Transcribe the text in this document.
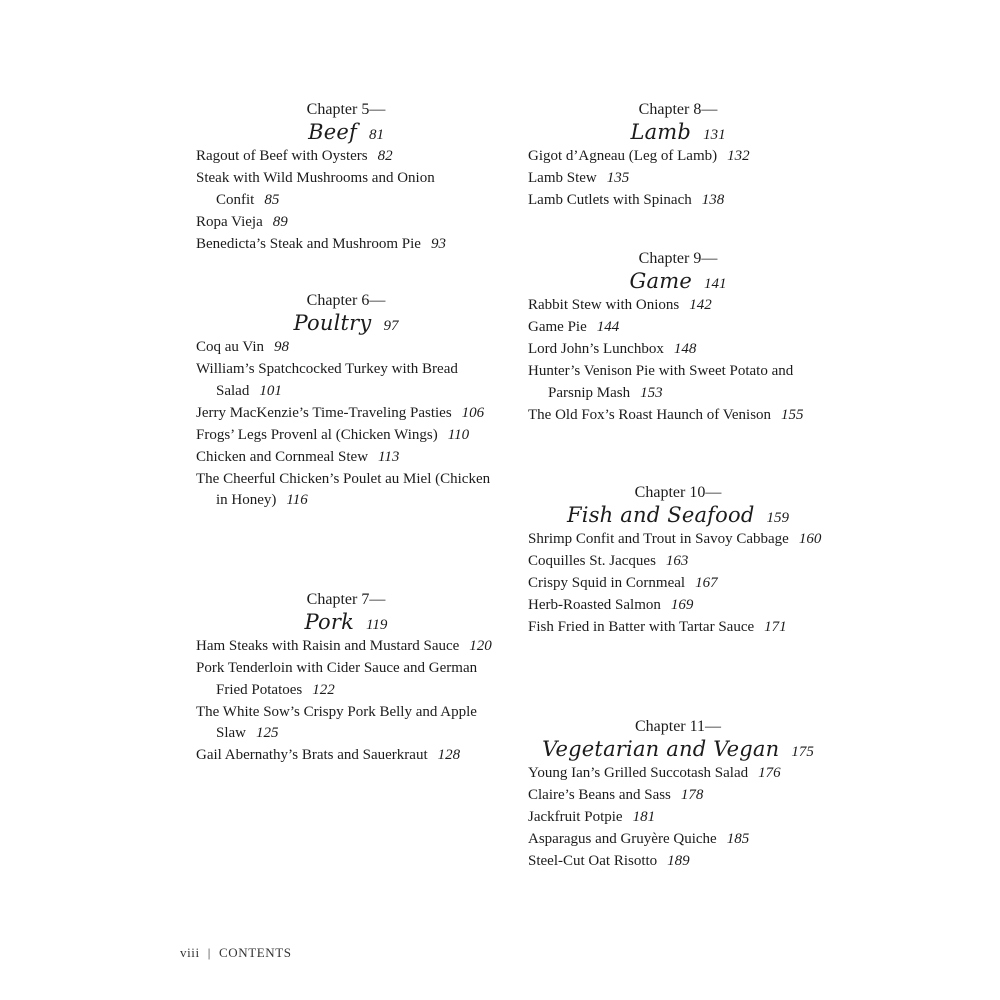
Chapter 5—
Beef 81
Ragout of Beef with Oysters 82
Steak with Wild Mushrooms and Onion Confit 85
Ropa Vieja 89
Benedicta’s Steak and Mushroom Pie 93
Chapter 6—
Poultry 97
Coq au Vin 98
William’s Spatchcocked Turkey with Bread Salad 101
Jerry MacKenzie’s Time-Traveling Pasties 106
Frogs’ Legs Provenl al (Chicken Wings) 110
Chicken and Cornmeal Stew 113
The Cheerful Chicken’s Poulet au Miel (Chicken in Honey) 116
Chapter 7—
Pork 119
Ham Steaks with Raisin and Mustard Sauce 120
Pork Tenderloin with Cider Sauce and German Fried Potatoes 122
The White Sow’s Crispy Pork Belly and Apple Slaw 125
Gail Abernathy’s Brats and Sauerkraut 128
Chapter 8—
Lamb 131
Gigot d’Agneau (Leg of Lamb) 132
Lamb Stew 135
Lamb Cutlets with Spinach 138
Chapter 9—
Game 141
Rabbit Stew with Onions 142
Game Pie 144
Lord John’s Lunchbox 148
Hunter’s Venison Pie with Sweet Potato and Parsnip Mash 153
The Old Fox’s Roast Haunch of Venison 155
Chapter 10—
Fish and Seafood 159
Shrimp Confit and Trout in Savoy Cabbage 160
Coquilles St. Jacques 163
Crispy Squid in Cornmeal 167
Herb-Roasted Salmon 169
Fish Fried in Batter with Tartar Sauce 171
Chapter 11—
Vegetarian and Vegan 175
Young Ian’s Grilled Succotash Salad 176
Claire’s Beans and Sass 178
Jackfruit Potpie 181
Asparagus and Gruyère Quiche 185
Steel-Cut Oat Risotto 189
viii | CONTENTS
